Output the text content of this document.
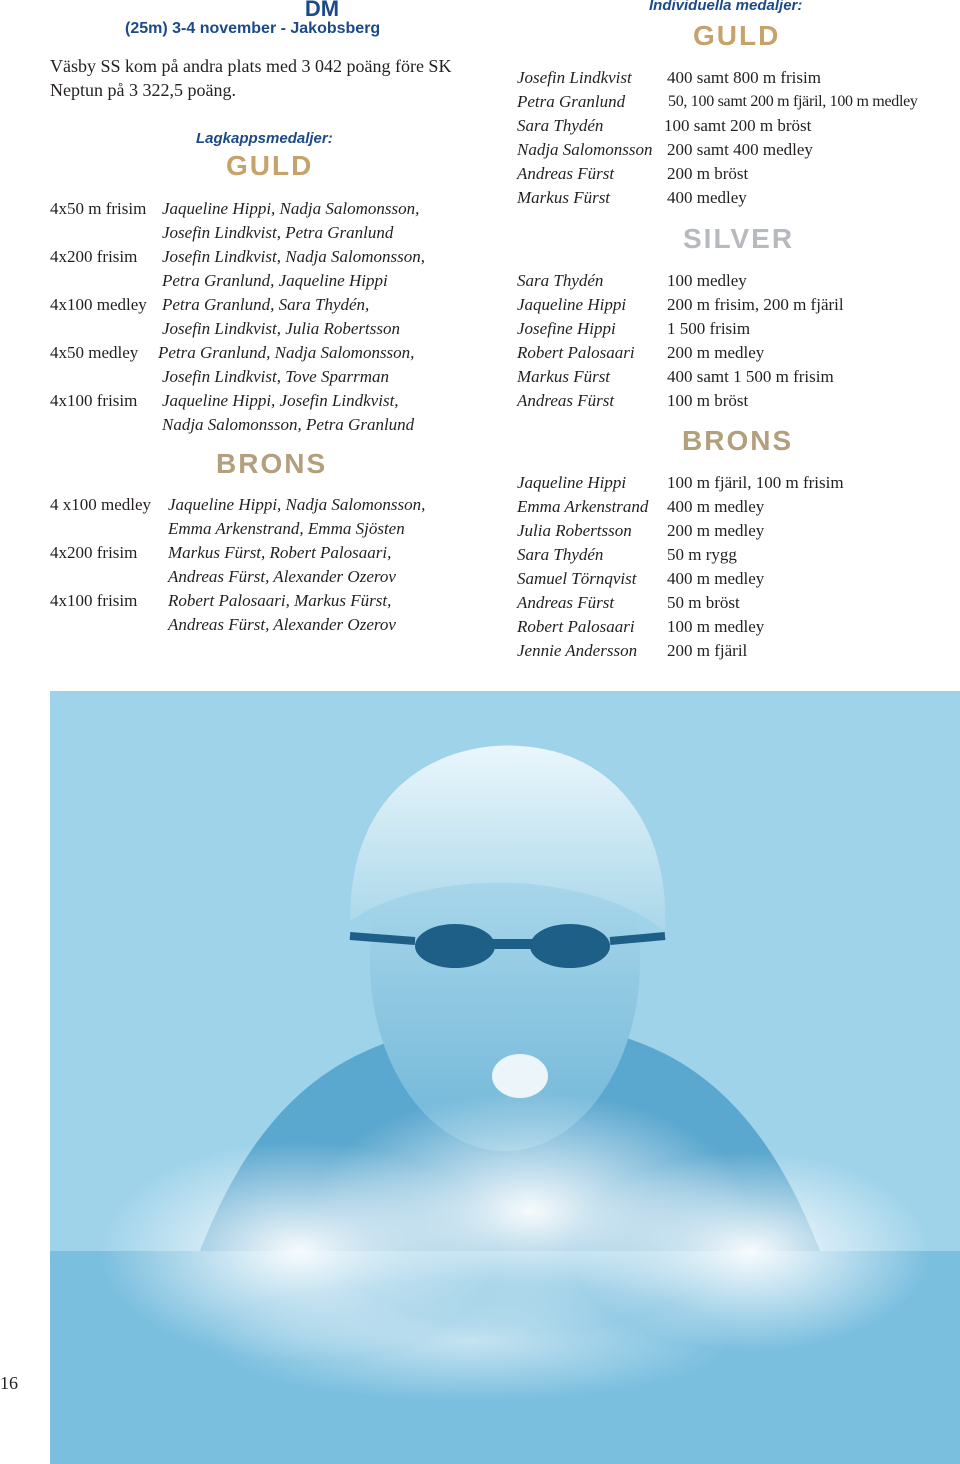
DM
(25m) 3-4 november - Jakobsberg
Väsby SS kom på andra plats med 3 042 poäng före SK Neptun på 3 322,5 poäng.
Lagkappsmedaljer:
GULD
4x50 m frisim Jaqueline Hippi, Nadja Salomonsson,
Josefin Lindkvist, Petra Granlund
4x200 frisim Josefin Lindkvist, Nadja Salomonsson,
Petra Granlund, Jaqueline Hippi
4x100 medley Petra Granlund, Sara Thydén,
Josefin Lindkvist, Julia Robertsson
4x50 medley Petra Granlund, Nadja Salomonsson,
Josefin Lindkvist, Tove Sparrman
4x100 frisim Jaqueline Hippi, Josefin Lindkvist,
Nadja Salomonsson, Petra Granlund
BRONS
4 x100 medley Jaqueline Hippi, Nadja Salomonsson,
Emma Arkenstrand, Emma Sjösten
4x200 frisim Markus Fürst, Robert Palosaari,
Andreas Fürst, Alexander Ozerov
4x100 frisim Robert Palosaari, Markus Fürst,
Andreas Fürst, Alexander Ozerov
Individuella medaljer:
GULD
Josefin Lindkvist 400 samt 800 m frisim
Petra Granlund	50, 100 samt 200 m fjäril, 100 m medley
Sara Thydén	100 samt 200 m bröst
Nadja Salomonsson 200 samt 400 medley
Andreas Fürst	200 m bröst
Markus Fürst	400 medley
SILVER
Sara Thydén	100 medley
Jaqueline Hippi 200 m frisim, 200 m fjäril
Josefine Hippi	1 500 frisim
Robert Palosaari 200 m medley
Markus Fürst	400 samt 1 500 m frisim
Andreas Fürst	100 m bröst
BRONS
Jaqueline Hippi 100 m fjäril, 100 m frisim
Emma Arkenstrand 400 m medley
Julia Robertsson 200 m medley
Sara Thydén	50 m rygg
Samuel Törnqvist 400 m medley
Andreas Fürst	50 m bröst
Robert Palosaari 100 m medley
Jennie Andersson 200 m fjäril
16
